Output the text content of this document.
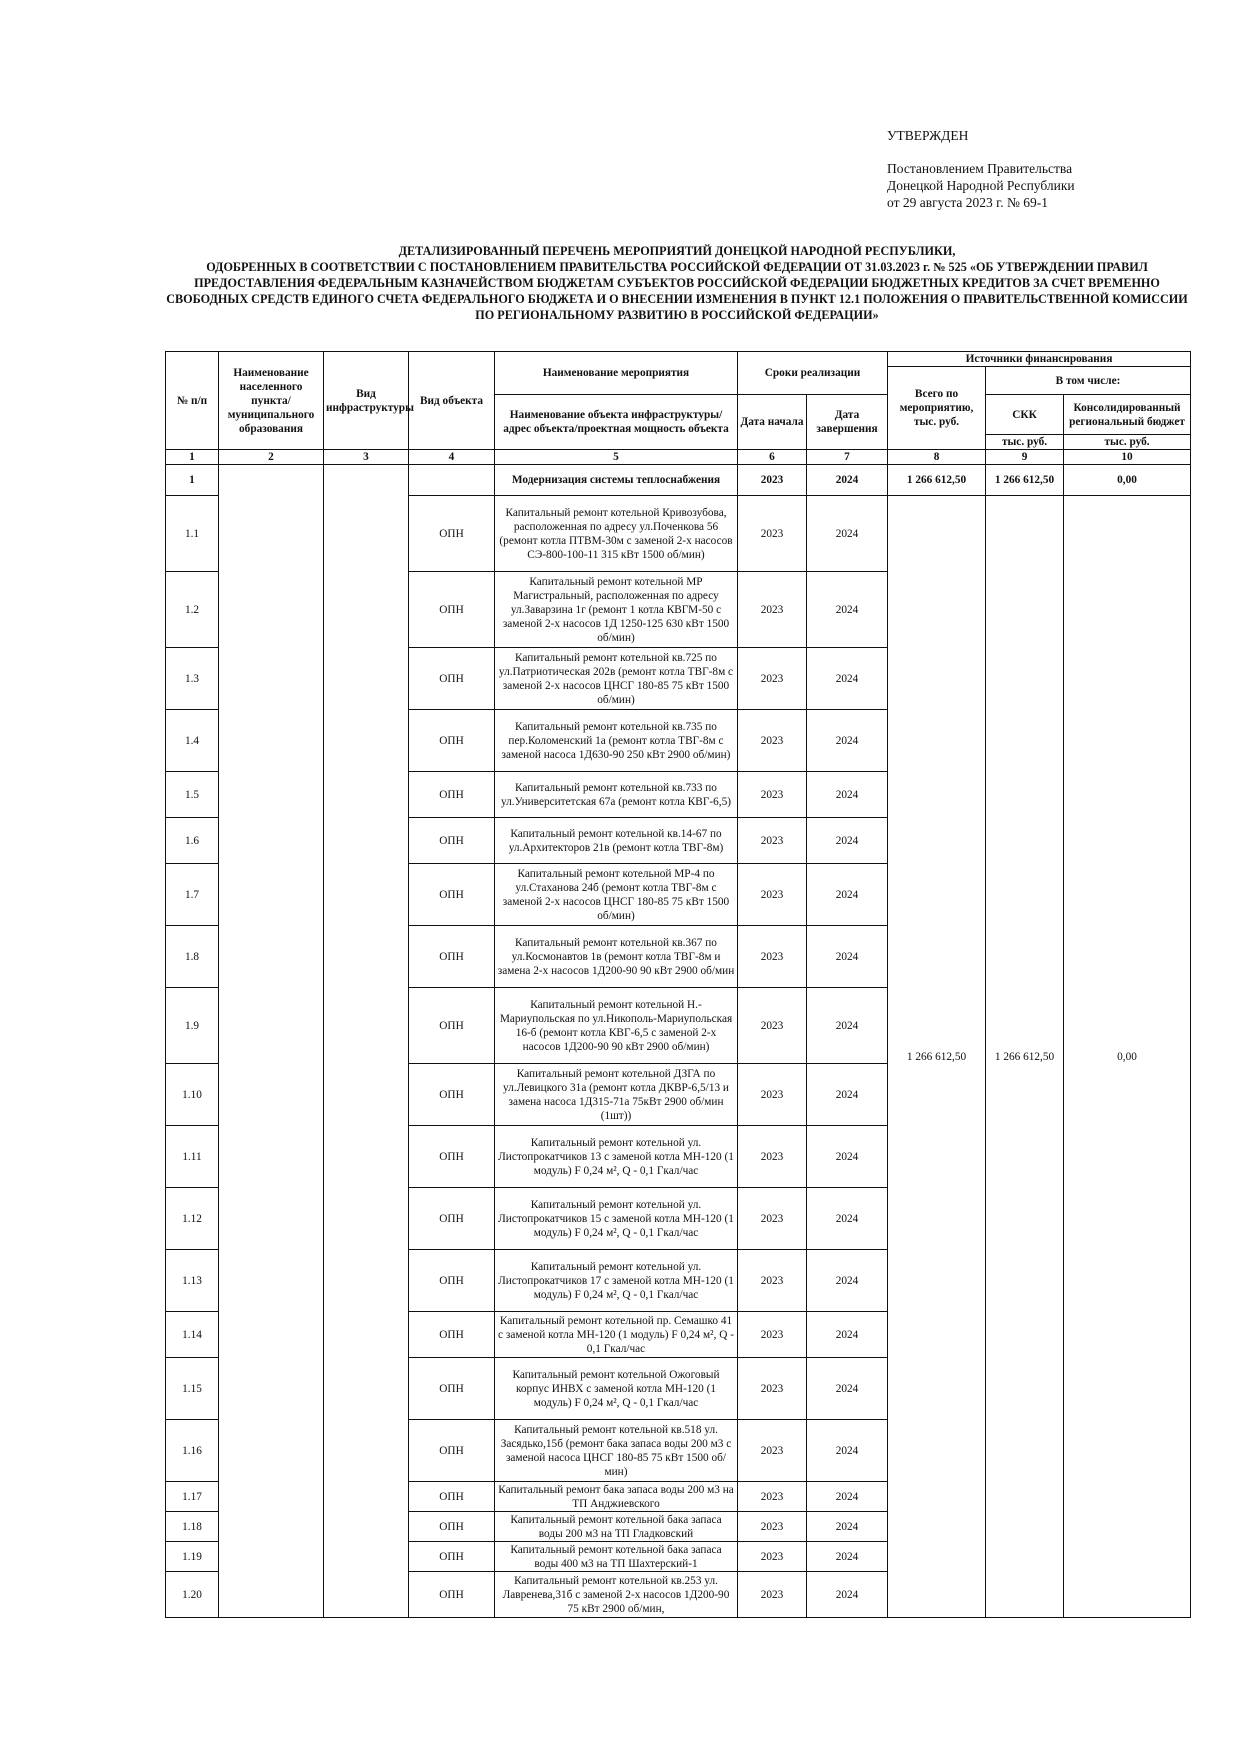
УТВЕРЖДЕН
Постановлением Правительства
Донецкой Народной Республики
от 29 августа 2023 г. № 69-1
ДЕТАЛИЗИРОВАННЫЙ ПЕРЕЧЕНЬ МЕРОПРИЯТИЙ ДОНЕЦКОЙ НАРОДНОЙ РЕСПУБЛИКИ,
ОДОБРЕННЫХ В СООТВЕТСТВИИ С ПОСТАНОВЛЕНИЕМ ПРАВИТЕЛЬСТВА РОССИЙСКОЙ ФЕДЕРАЦИИ ОТ 31.03.2023 г. № 525 «ОБ УТВЕРЖДЕНИИ ПРАВИЛ
ПРЕДОСТАВЛЕНИЯ ФЕДЕРАЛЬНЫМ КАЗНАЧЕЙСТВОМ БЮДЖЕТАМ СУБЪЕКТОВ РОССИЙСКОЙ ФЕДЕРАЦИИ БЮДЖЕТНЫХ КРЕДИТОВ ЗА СЧЕТ ВРЕМЕННО
СВОБОДНЫХ СРЕДСТВ ЕДИНОГО СЧЕТА ФЕДЕРАЛЬНОГО БЮДЖЕТА И О ВНЕСЕНИИ ИЗМЕНЕНИЯ В ПУНКТ 12.1 ПОЛОЖЕНИЯ О ПРАВИТЕЛЬСТВЕННОЙ КОМИССИИ
ПО РЕГИОНАЛЬНОМУ РАЗВИТИЮ В РОССИЙСКОЙ ФЕДЕРАЦИИ»
№ п/п	Наименование населенного пункта/ муниципального образования	Вид инфраструктуры	Вид объекта	Наименование мероприятия	Сроки реализации		Источники финансирования		
							Всего по мероприятию, тыс. руб.	В том числе:	
				Наименование объекта инфраструктуры/адрес объекта/проектная мощность объекта	Дата начала	Дата завершения		СКК	Консолидированный региональный бюджет
								тыс. руб.	тыс. руб.
1	2	3	4	5	6	7	8	9	10
1				Модернизация системы теплоснабжения	2023	2024	1 266 612,50	1 266 612,50	0,00
1.1			ОПН	Капитальный ремонт котельной Кривозубова, расположенная по адресу ул.Поченкова 56 (ремонт котла ПТВМ-30м с заменой 2-х насосов СЭ-800-100-11 315 кВт 1500 об/мин)	2023	2024	1 266 612,50	1 266 612,50	0,00
1.2			ОПН	Капитальный ремонт котельной МР Магистральный, расположенная по адресу ул.Заварзина 1г (ремонт 1 котла КВГМ-50 с заменой 2-х насосов 1Д 1250-125 630 кВт 1500 об/мин)	2023	2024			
1.3			ОПН	Капитальный ремонт котельной кв.725 по ул.Патриотическая 202в (ремонт котла ТВГ-8м с заменой 2-х насосов ЦНСГ 180-85 75 кВт 1500 об/мин)	2023	2024			
1.4			ОПН	Капитальный ремонт котельной кв.735 по пер.Коломенский 1а (ремонт котла ТВГ-8м с заменой насоса 1Д630-90 250 кВт 2900 об/мин)	2023	2024			
1.5			ОПН	Капитальный ремонт котельной кв.733 по ул.Университетская 67а (ремонт котла КВГ-6,5)	2023	2024			
1.6			ОПН	Капитальный ремонт котельной кв.14-67 по ул.Архитекторов 21в (ремонт котла ТВГ-8м)	2023	2024			
1.7			ОПН	Капитальный ремонт котельной МР-4 по ул.Стаханова 24б (ремонт котла ТВГ-8м с заменой 2-х насосов ЦНСГ 180-85 75 кВт 1500 об/мин)	2023	2024			
1.8			ОПН	Капитальный ремонт котельной кв.367 по ул.Космонавтов 1в (ремонт котла ТВГ-8м и замена 2-х насосов 1Д200-90 90 кВт 2900 об/мин	2023	2024			
1.9			ОПН	Капитальный ремонт котельной Н.-Мариупольская по ул.Никополь-Мариупольская 16-б (ремонт котла КВГ-6,5 с заменой 2-х насосов 1Д200-90 90 кВт 2900 об/мин)	2023	2024			
1.10			ОПН	Капитальный ремонт котельной ДЗГА по ул.Левицкого 31а (ремонт котла ДКВР-6,5/13 и замена насоса 1Д315-71а 75кВт 2900 об/мин (1шт))	2023	2024			
1.11			ОПН	Капитальный ремонт котельной ул. Листопрокатчиков 13 с заменой котла МН-120 (1 модуль) F 0,24 м², Q - 0,1 Гкал/час	2023	2024			
1.12			ОПН	Капитальный ремонт котельной ул. Листопрокатчиков 15 с заменой котла МН-120 (1 модуль) F 0,24 м², Q - 0,1 Гкал/час	2023	2024			
1.13			ОПН	Капитальный ремонт котельной ул. Листопрокатчиков 17 с заменой котла МН-120 (1 модуль) F 0,24 м², Q - 0,1 Гкал/час	2023	2024			
1.14			ОПН	Капитальный ремонт котельной пр. Семашко 41 с заменой котла МН-120 (1 модуль) F 0,24 м², Q - 0,1 Гкал/час	2023	2024			
1.15			ОПН	Капитальный ремонт котельной Ожоговый корпус ИНВХ с заменой котла МН-120 (1 модуль) F 0,24 м², Q - 0,1 Гкал/час	2023	2024			
1.16			ОПН	Капитальный ремонт котельной кв.518 ул. Засядько,15б (ремонт бака запаса воды 200 м3 с заменой насоса ЦНСГ 180-85 75 кВт 1500 об/мин)	2023	2024			
1.17			ОПН	Капитальный ремонт бака запаса воды 200 м3 на ТП Анджиевского	2023	2024			
1.18			ОПН	Капитальный ремонт котельной бака запаса воды 200 м3 на ТП Гладковский	2023	2024			
1.19			ОПН	Капитальный ремонт котельной бака запаса воды 400 м3 на ТП Шахтерский-1	2023	2024			
1.20			ОПН	Капитальный ремонт котельной кв.253 ул. Лавренева,31б с заменой 2-х насосов 1Д200-90 75 кВт 2900 об/мин,	2023	2024			
